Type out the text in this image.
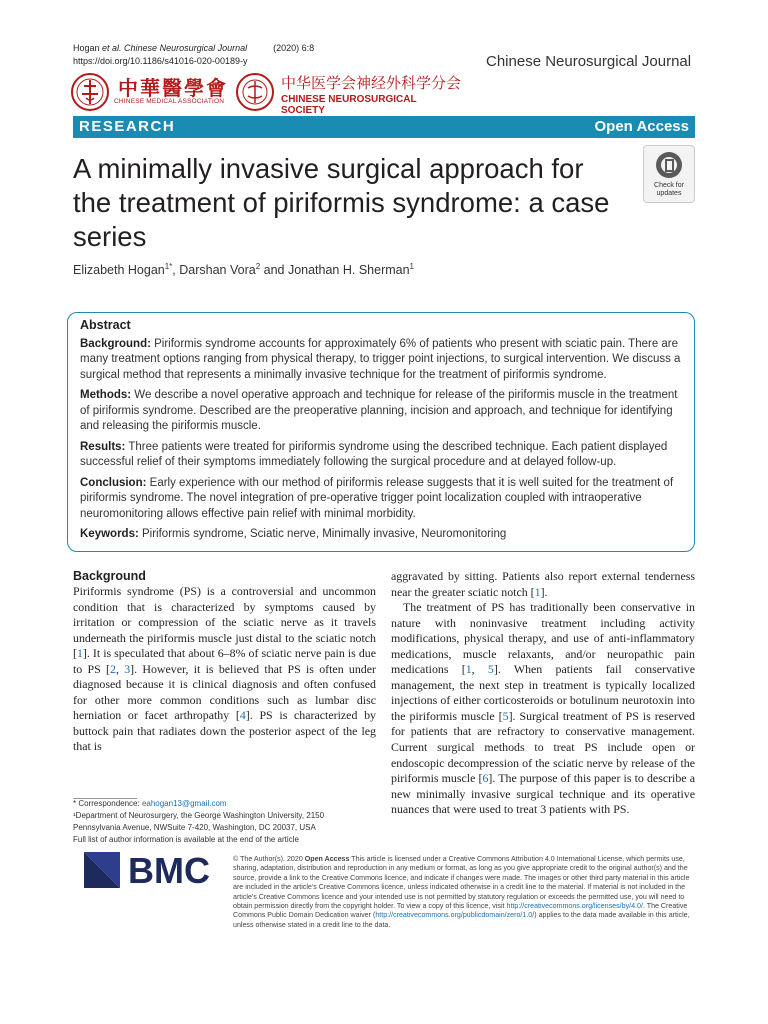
Hogan et al. Chinese Neurosurgical Journal	(2020) 6:8
https://doi.org/10.1186/s41016-020-00189-y	Chinese Neurosurgical Journal
中華醫學會
CHINESE MEDICAL ASSOCIATION
中华医学会神经外科学分会
CHINESE NEUROSURGICAL SOCIETY
RESEARCH	Open Access
A minimally invasive surgical approach for the treatment of piriformis syndrome: a case series
Check for
updates
Elizabeth Hogan$^{1*}$, Darshan Vora$^2$ and Jonathan H. Sherman$^1$
Abstract

Background: Piriformis syndrome accounts for approximately 6% of patients who present with sciatic pain. There are many treatment options ranging from physical therapy, to trigger point injections, to surgical intervention. We discuss a surgical method that represents a minimally invasive technique for the treatment of piriformis syndrome.

Methods: We describe a novel operative approach and technique for release of the piriformis muscle in the treatment of piriformis syndrome. Described are the preoperative planning, incision and approach, and technique for identifying and releasing the piriformis muscle.

Results: Three patients were treated for piriformis syndrome using the described technique. Each patient displayed successful relief of their symptoms immediately following the surgical procedure and at delayed follow-up.

Conclusion: Early experience with our method of piriformis release suggests that it is well suited for the treatment of piriformis syndrome. The novel integration of pre-operative trigger point localization coupled with intraoperative neuromonitoring allows effective pain relief with minimal morbidity.

Keywords: Piriformis syndrome, Sciatic nerve, Minimally invasive, Neuromonitoring

Background

Piriformis syndrome (PS) is a controversial and uncommon condition that is characterized by symptoms caused by irritation or compression of the sciatic nerve as it travels underneath the piriformis muscle just distal to the sciatic notch [1]. It is speculated that about 6–8% of sciatic nerve pain is due to PS [2, 3]. However, it is believed that PS is often under diagnosed because it is clinical diagnosis and often confused for other more common conditions such as lumbar disc herniation or facet arthropathy [4]. PS is characterized by buttock pain that radiates down the posterior aspect of the leg that is

aggravated by sitting. Patients also report external tenderness near the greater sciatic notch [1].

The treatment of PS has traditionally been conservative in nature with noninvasive treatment including activity modifications, physical therapy, and use of anti-inflammatory medications, muscle relaxants, and/or neuropathic pain medications [1, 5]. When patients fail conservative management, the next step in treatment is typically localized injections of either corticosteroids or botulinum neurotoxin into the piriformis muscle [5]. Surgical treatment of PS is reserved for patients that are refractory to conservative management. Current surgical methods to treat PS include open or endoscopic decompression of the sciatic nerve by release of the piriformis muscle [6]. The purpose of this paper is to describe a new minimally invasive surgical technique and its operative nuances that were used to treat 3 patients with PS.

* Correspondence: eahogan13@gmail.com
¹Department of Neurosurgery, the George Washington University, 2150 Pennsylvania Avenue, NWSuite 7-420, Washington, DC 20037, USA
Full list of author information is available at the end of the article
BMC	© The Author(s). 2020 Open Access This article is licensed under a Creative Commons Attribution 4.0 International License, which permits use, sharing, adaptation, distribution and reproduction in any medium or format, as long as you give appropriate credit to the original author(s) and the source, provide a link to the Creative Commons licence, and indicate if changes were made. The images or other third party material in this article are included in the article's Creative Commons licence, unless indicated otherwise in a credit line to the material. If material is not included in the article's Creative Commons licence and your intended use is not permitted by statutory regulation or exceeds the permitted use, you will need to obtain permission directly from the copyright holder. To view a copy of this licence, visit http://creativecommons.org/licenses/by/4.0/. The Creative Commons Public Domain Dedication waiver (http://creativecommons.org/publicdomain/zero/1.0/) applies to the data made available in this article, unless otherwise stated in a credit line to the data.
